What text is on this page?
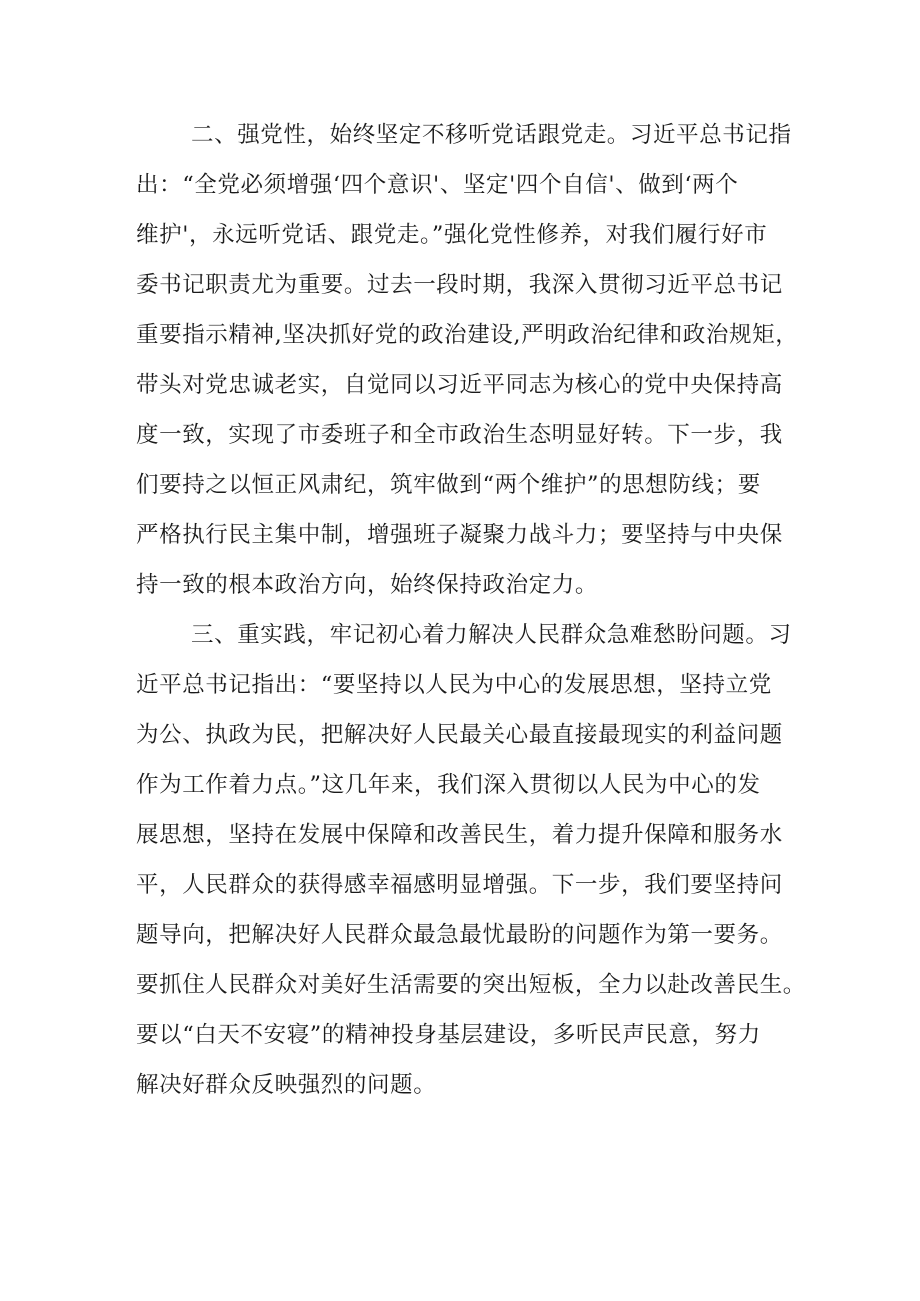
二、强党性，始终坚定不移听党话跟党走。习近平总书记指
出：“全党必须增强‘四个意识'、坚定'四个自信'、做到‘两个
维护'，永远听党话、跟党走。”强化党性修养，对我们履行好市
委书记职责尤为重要。过去一段时期，我深入贯彻习近平总书记
重要指示精神,坚决抓好党的政治建设,严明政治纪律和政治规矩，
带头对党忠诚老实，自觉同以习近平同志为核心的党中央保持高
度一致，实现了市委班子和全市政治生态明显好转。下一步，我
们要持之以恒正风肃纪，筑牢做到“两个维护”的思想防线；要
严格执行民主集中制，增强班子凝聚力战斗力；要坚持与中央保
持一致的根本政治方向，始终保持政治定力。
三、重实践，牢记初心着力解决人民群众急难愁盼问题。习
近平总书记指出：“要坚持以人民为中心的发展思想，坚持立党
为公、执政为民，把解决好人民最关心最直接最现实的利益问题
作为工作着力点。”这几年来，我们深入贯彻以人民为中心的发
展思想，坚持在发展中保障和改善民生，着力提升保障和服务水
平，人民群众的获得感幸福感明显增强。下一步，我们要坚持问
题导向，把解决好人民群众最急最忧最盼的问题作为第一要务。
要抓住人民群众对美好生活需要的突出短板，全力以赴改善民生。
要以“白天不安寝”的精神投身基层建设，多听民声民意，努力
解决好群众反映强烈的问题。
